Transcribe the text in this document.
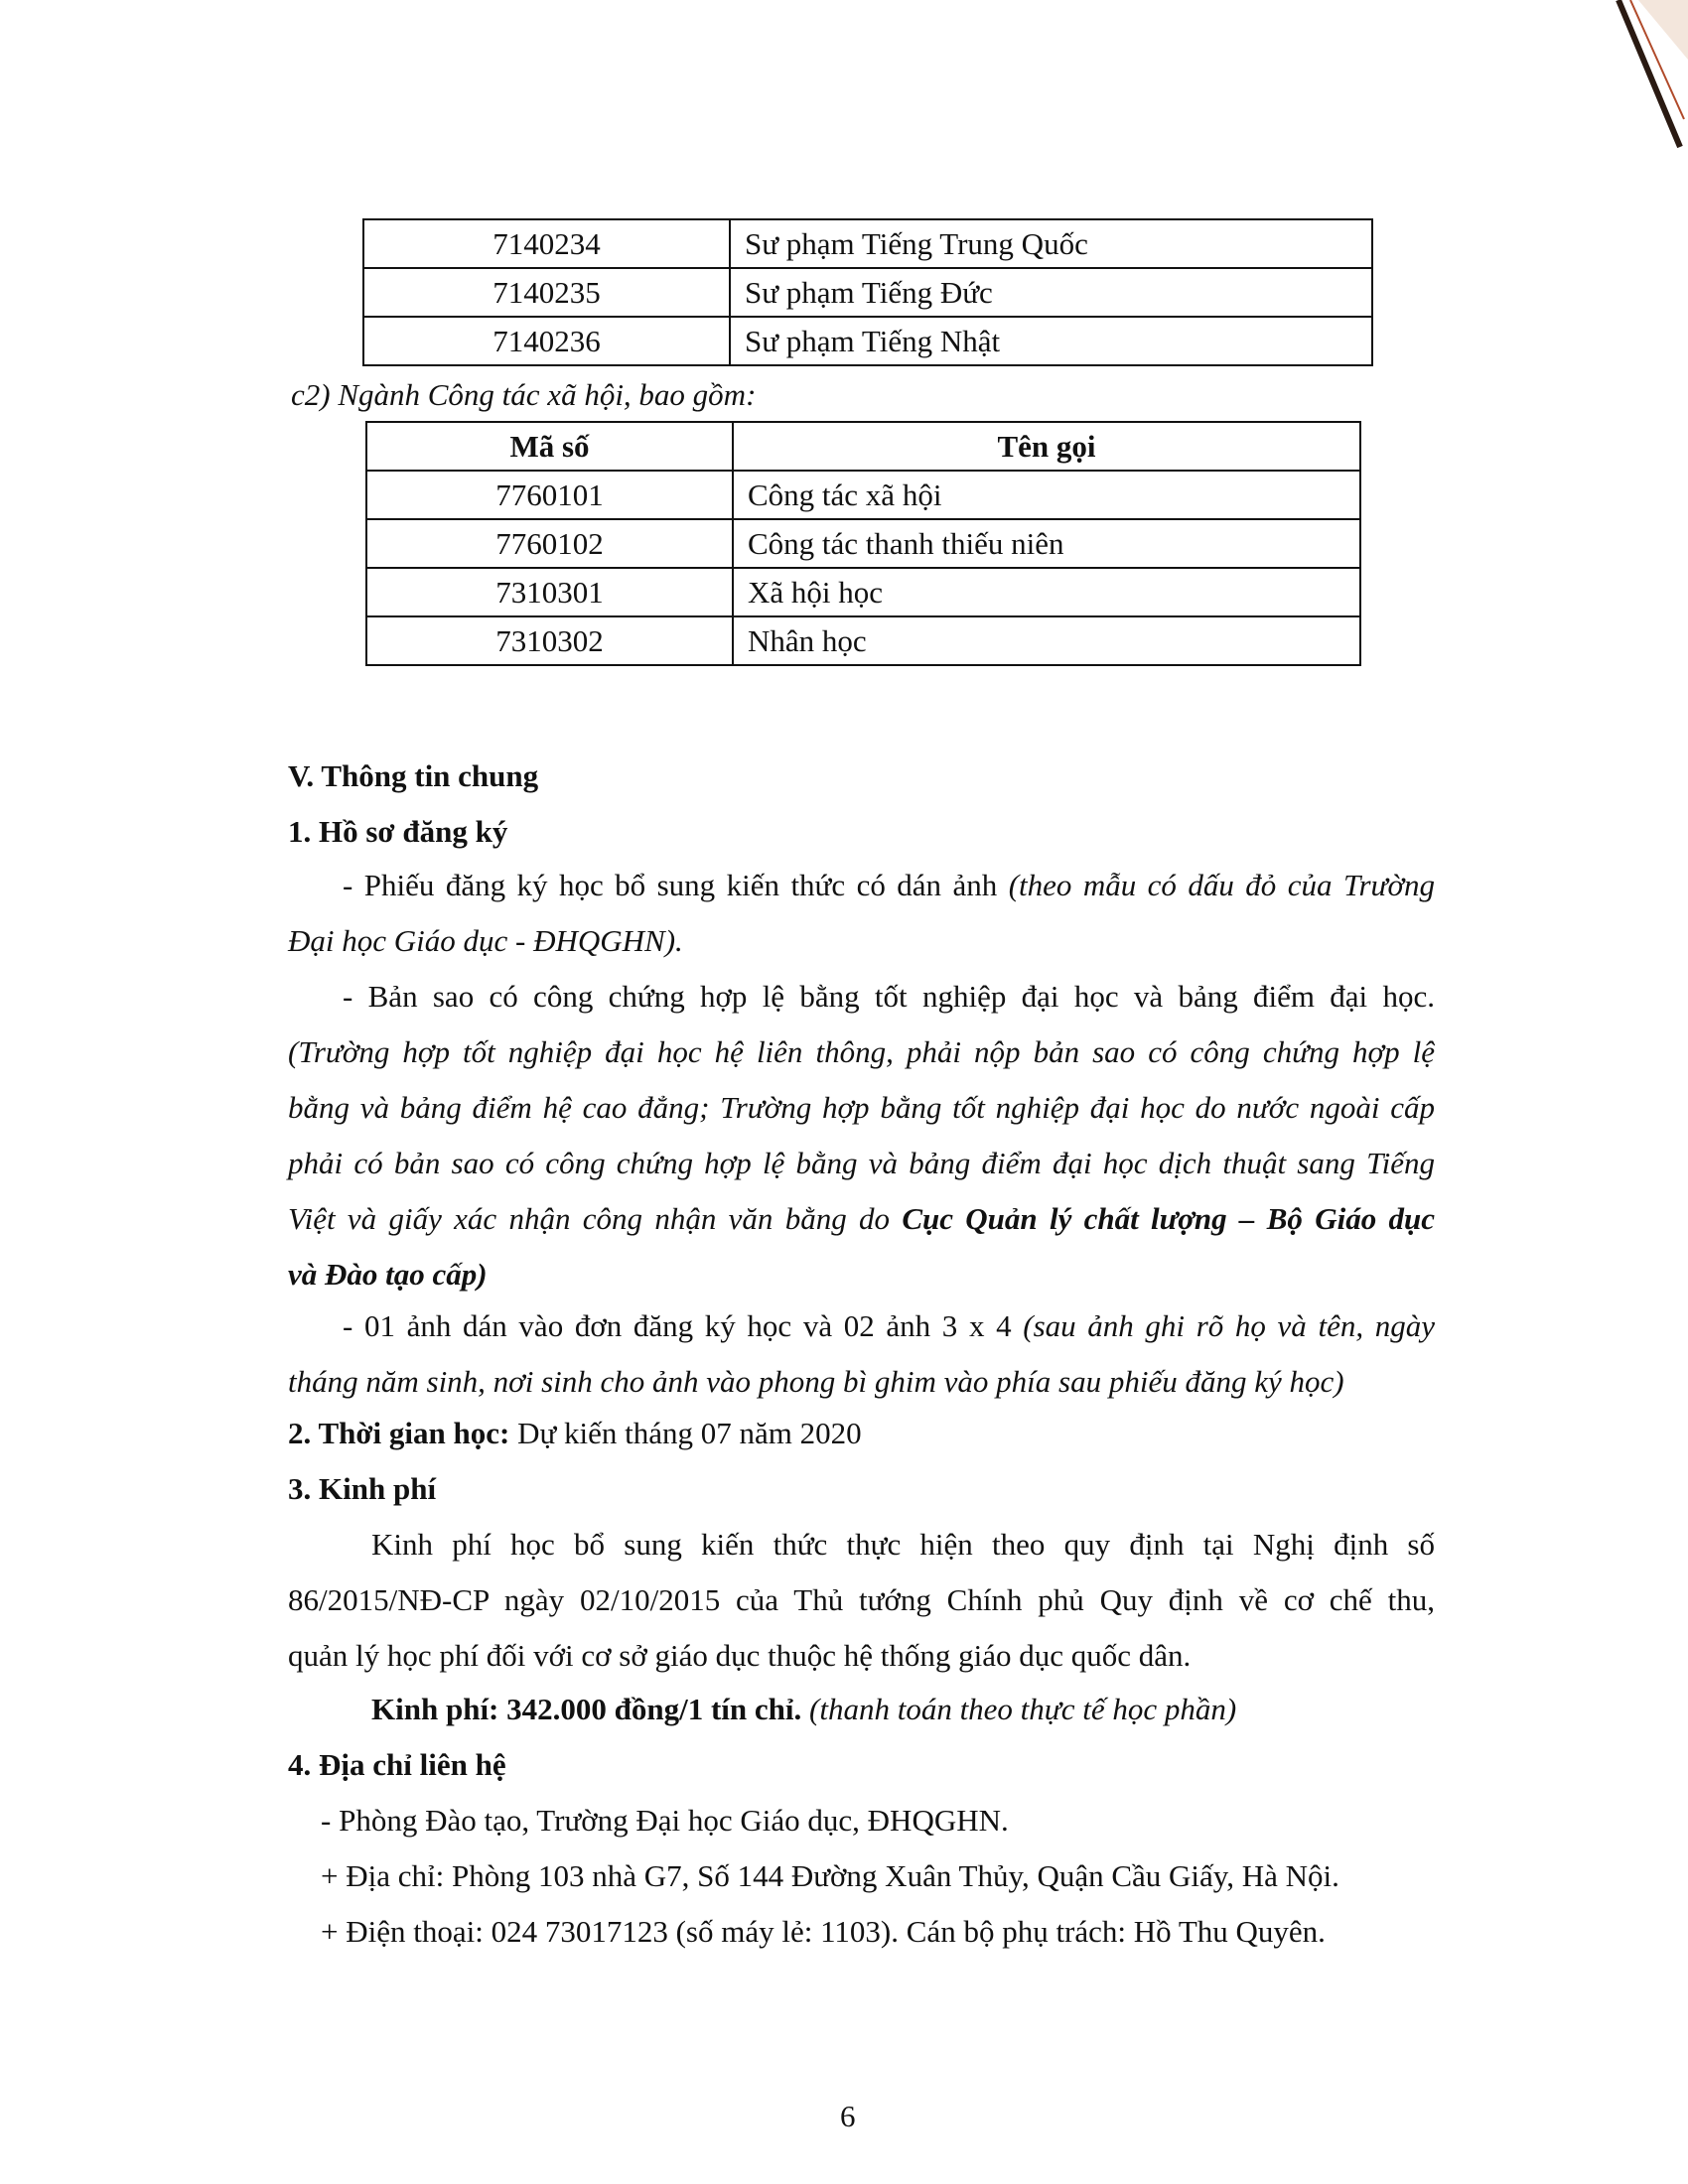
7140234	Sư phạm Tiếng Trung Quốc
7140235	Sư phạm Tiếng Đức
7140236	Sư phạm Tiếng Nhật
c2) Ngành Công tác xã hội, bao gồm:
Mã số	Tên gọi
7760101	Công tác xã hội
7760102	Công tác thanh thiếu niên
7310301	Xã hội học
7310302	Nhân học
V. Thông tin chung
1. Hồ sơ đăng ký
- Phiếu đăng ký học bổ sung kiến thức có dán ảnh (theo mẫu có dấu đỏ của Trường
Đại học Giáo dục - ĐHQGHN).
- Bản sao có công chứng hợp lệ bằng tốt nghiệp đại học và bảng điểm đại học.
(Trường hợp tốt nghiệp đại học hệ liên thông, phải nộp bản sao có công chứng hợp lệ
bằng và bảng điểm hệ cao đẳng; Trường hợp bằng tốt nghiệp đại học do nước ngoài cấp
phải có bản sao có công chứng hợp lệ bằng và bảng điểm đại học dịch thuật sang Tiếng
Việt và giấy xác nhận công nhận văn bằng do Cục Quản lý chất lượng – Bộ Giáo dục
và Đào tạo cấp)
- 01 ảnh dán vào đơn đăng ký học và 02 ảnh 3 x 4 (sau ảnh ghi rõ họ và tên, ngày
tháng năm sinh, nơi sinh cho ảnh vào phong bì ghim vào phía sau phiếu đăng ký học)
2. Thời gian học: Dự kiến tháng 07 năm 2020
3. Kinh phí
Kinh phí học bổ sung kiến thức thực hiện theo quy định tại Nghị định số
86/2015/NĐ-CP ngày 02/10/2015 của Thủ tướng Chính phủ Quy định về cơ chế thu,
quản lý học phí đối với cơ sở giáo dục thuộc hệ thống giáo dục quốc dân.
Kinh phí: 342.000 đồng/1 tín chỉ. (thanh toán theo thực tế học phần)
4. Địa chỉ liên hệ
- Phòng Đào tạo, Trường Đại học Giáo dục, ĐHQGHN.
+ Địa chỉ: Phòng 103 nhà G7, Số 144 Đường Xuân Thủy, Quận Cầu Giấy, Hà Nội.
+ Điện thoại: 024 73017123 (số máy lẻ: 1103). Cán bộ phụ trách: Hồ Thu Quyên.
6
